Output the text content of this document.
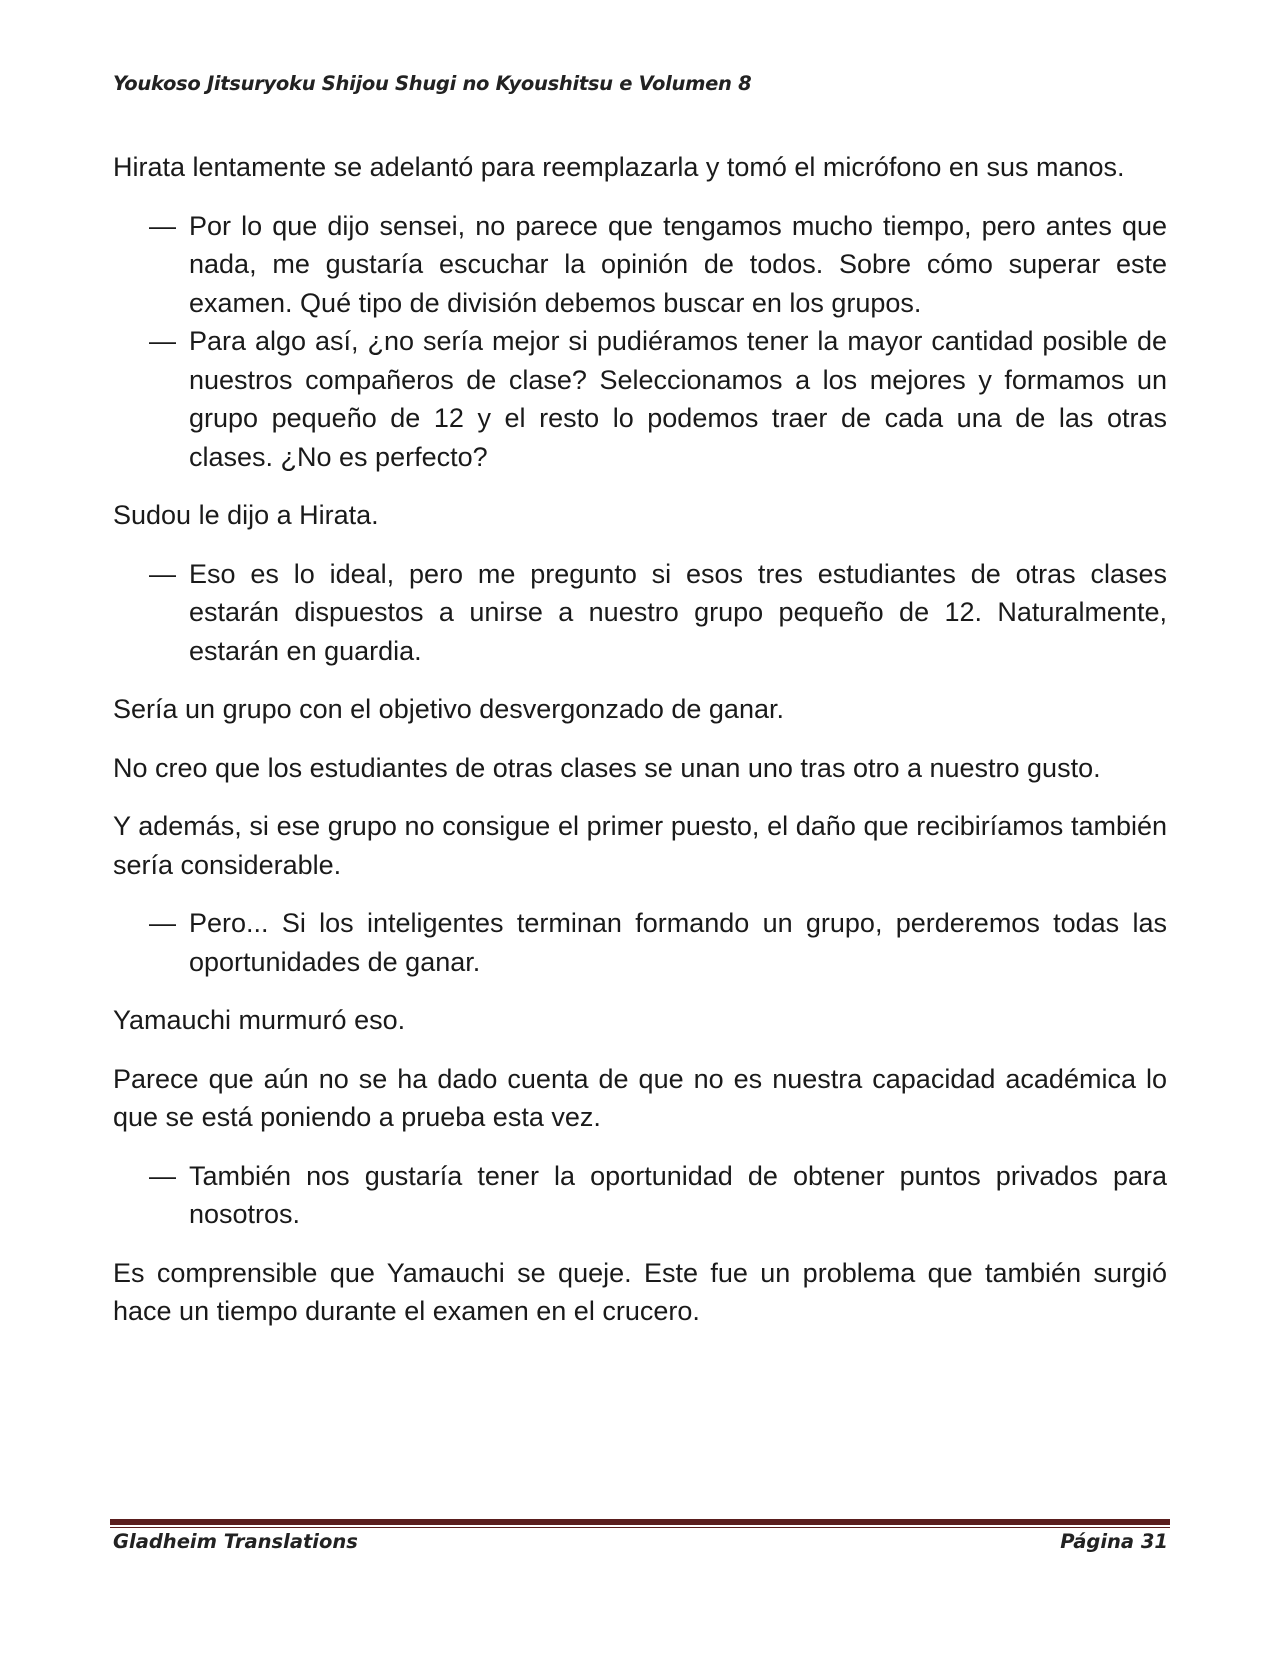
Youkoso Jitsuryoku Shijou Shugi no Kyoushitsu e Volumen 8

Hirata lentamente se adelantó para reemplazarla y tomó el micrófono en sus manos.

— Por lo que dijo sensei, no parece que tengamos mucho tiempo, pero antes que nada, me gustaría escuchar la opinión de todos. Sobre cómo superar este examen. Qué tipo de división debemos buscar en los grupos.
— Para algo así, ¿no sería mejor si pudiéramos tener la mayor cantidad posible de nuestros compañeros de clase? Seleccionamos a los mejores y formamos un grupo pequeño de 12 y el resto lo podemos traer de cada una de las otras clases. ¿No es perfecto?

Sudou le dijo a Hirata.

— Eso es lo ideal, pero me pregunto si esos tres estudiantes de otras clases estarán dispuestos a unirse a nuestro grupo pequeño de 12. Naturalmente, estarán en guardia.

Sería un grupo con el objetivo desvergonzado de ganar.

No creo que los estudiantes de otras clases se unan uno tras otro a nuestro gusto.

Y además, si ese grupo no consigue el primer puesto, el daño que recibiríamos también sería considerable.

— Pero... Si los inteligentes terminan formando un grupo, perderemos todas las oportunidades de ganar.

Yamauchi murmuró eso.

Parece que aún no se ha dado cuenta de que no es nuestra capacidad académica lo que se está poniendo a prueba esta vez.

— También nos gustaría tener la oportunidad de obtener puntos privados para nosotros.

Es comprensible que Yamauchi se queje. Este fue un problema que también surgió hace un tiempo durante el examen en el crucero.

Gladheim Translations	Página 31
